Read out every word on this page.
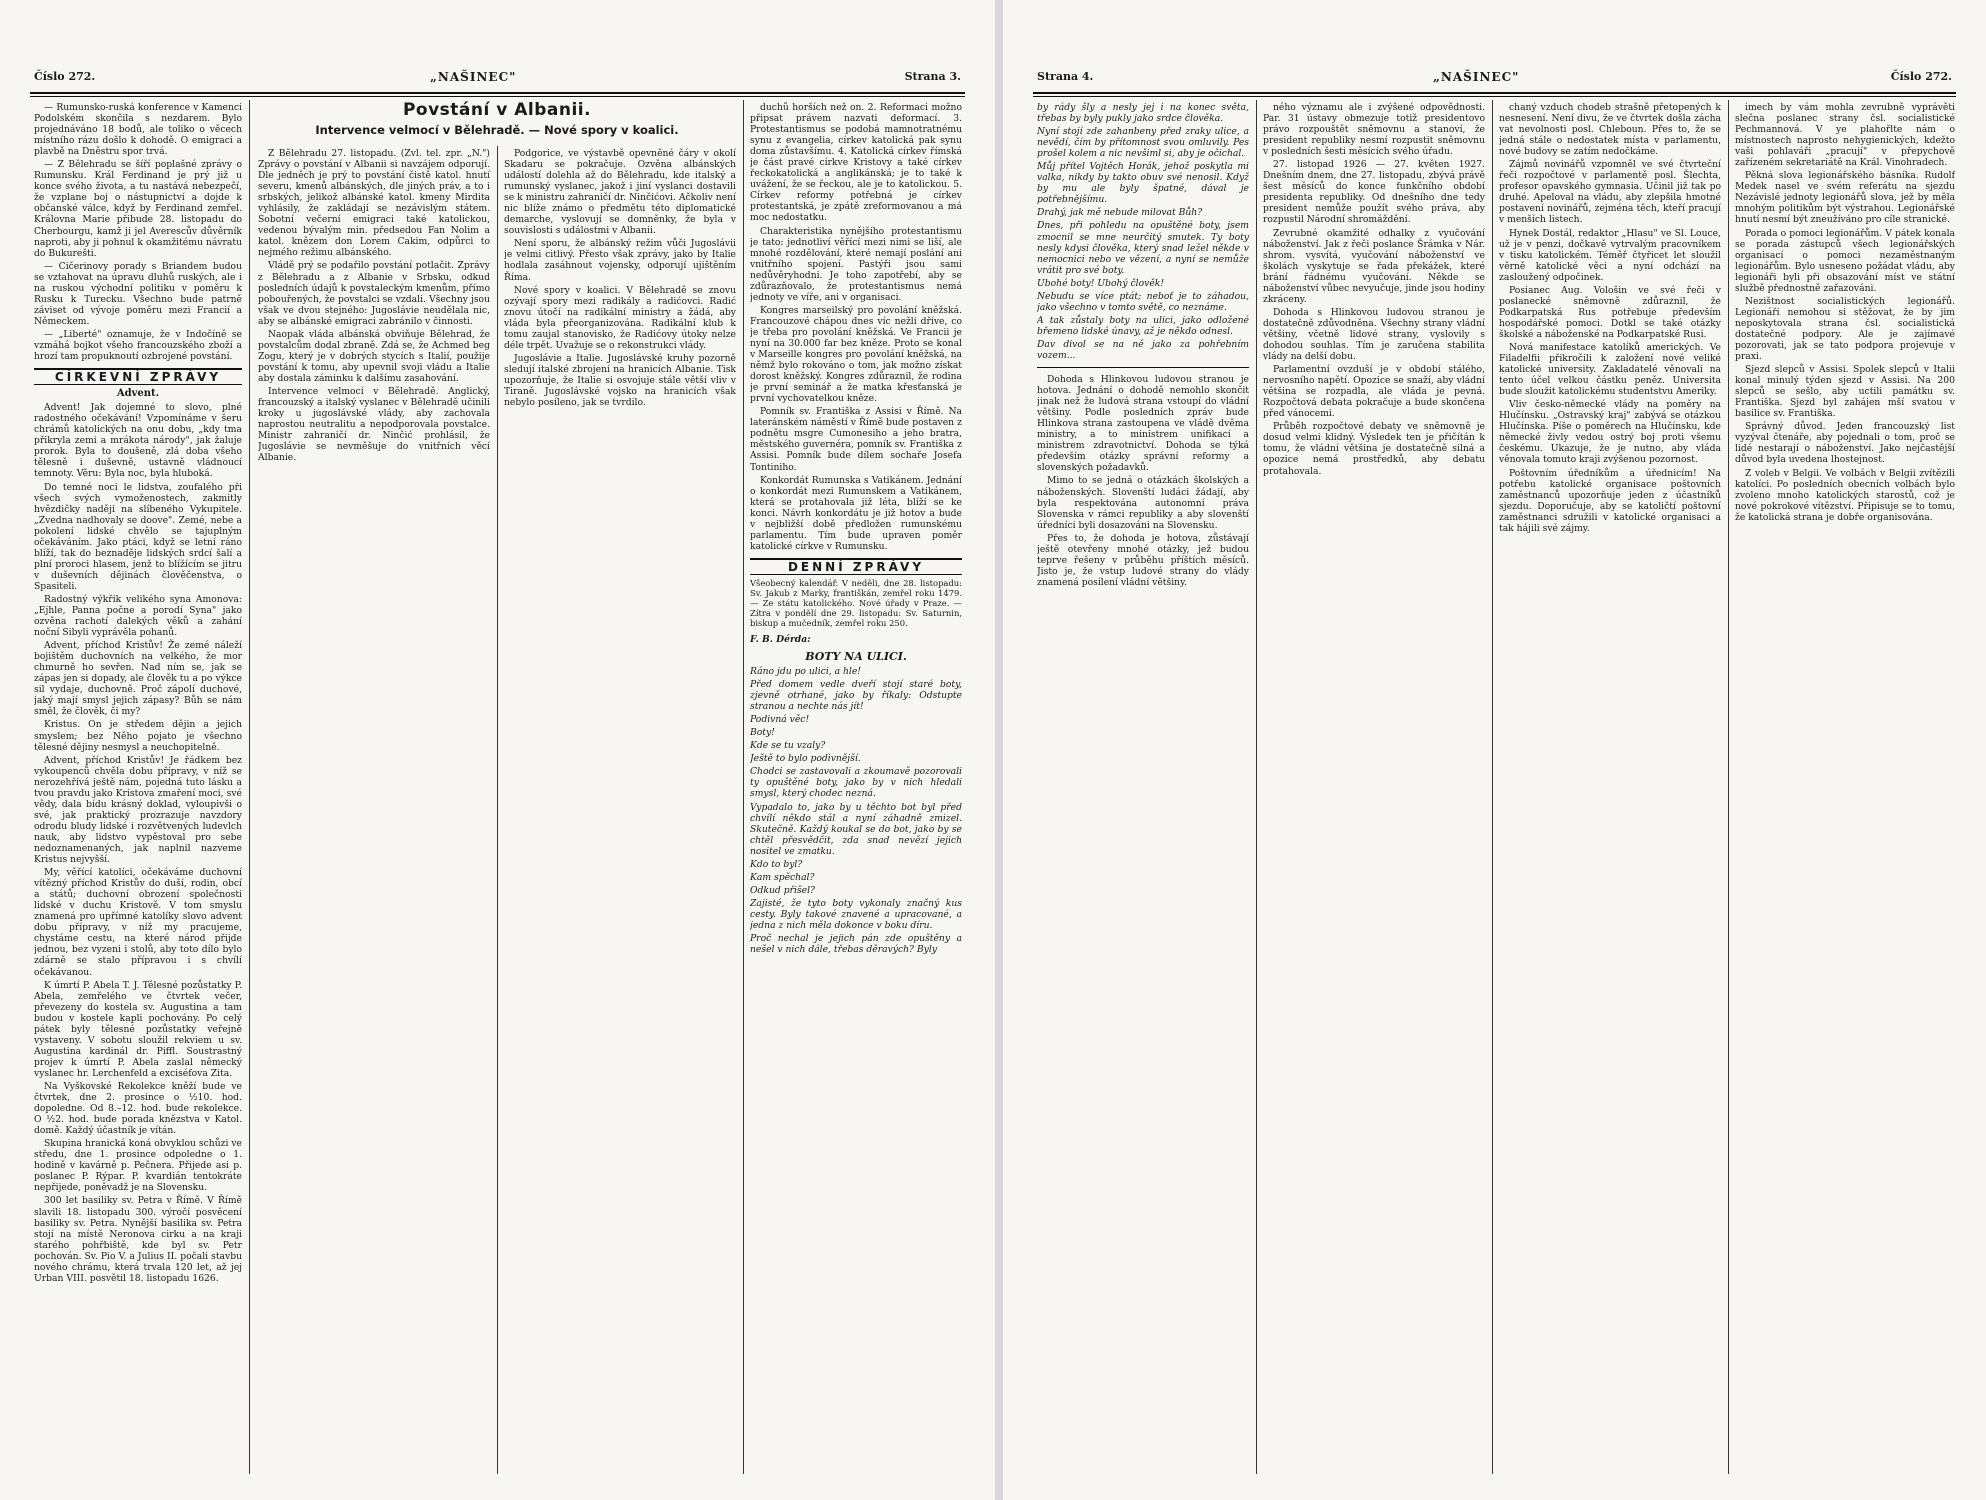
Číslo 272.	„NAŠINEC"	Strana 3.

— Rumunsko-ruská konference v Kamenci Podolském skončila s nezdarem. Bylo projednáváno 18 bodů, ale toliko o věcech místního rázu došlo k dohodě. O emigraci a plavbě na Dněstru spor trvá.

— Z Bělehradu se šíří poplašné zprávy o Rumunsku. Král Ferdinand je prý již u konce svého života, a tu nastává nebezpečí, že vzplane boj o nástupnictví a dojde k občanské válce, když by Ferdinand zemřel. Královna Marie přibude 28. listopadu do Cherbourgu, kamž ji jel Averescův důvěrník naproti, aby ji pohnul k okamžitému návratu do Bukurešti.

— Cičerinovy porady s Briandem budou se vztahovat na úpravu dluhů ruských, ale i na ruskou východní politiku v poměru k Rusku k Turecku. Všechno bude patrně záviset od vývoje poměru mezi Francií a Německem.

— „Liberté" oznamuje, že v Indočíně se vzmáhá bojkot všeho francouzského zboží a hrozí tam propuknoutí ozbrojené povstání.

CÍRKEVNÍ ZPRÁVY
Advent.

Advent! Jak dojemné to slovo, plné radostného očekávání! Vzpomínáme v šeru chrámů katolických na onu dobu, „kdy tma přikryla zemi a mrákota národy", jak žaluje prorok. Byla to doušeně, zlá doba všeho tělesně i duševně, ustavně vládnoucí temnoty. Věru: Byla noc, byla hluboká.

Do temné noci le lidstva, zoufalého při všech svých vymoženostech, zakmitly hvězdičky naději na slíbeného Vykupitele. „Zvedna nadhovaly se doove". Zemé, nebe a pokolení lidské chvělo se tajuplným očekáváním. Jako ptáci, když se letní ráno blíží, tak do beznaděje lidských srdcí šalí a plní proroci hlasem, jenž to blížícím se jitru v duševních dějinách člověčenstva, o Spasiteli.

Radostný výkřik velikého syna Amonova: „Ejhle, Panna počne a porodí Syna" jako ozvěna rachotí dalekých věků a zahání noční Sibyli vyprávěla pohanů.

Advent, příchod Kristův! Že zemé náleží bojištěm duchovních na velkého, že mor chmurně ho sevřen. Nad ním se, jak se zápas jen si dopady, ale člověk tu a po výkce sil vydaje, duchovně. Proč zápolí duchové, jaký mají smysl jejich zápasy? Bůh se nám směl, že člověk, či my?

Kristus. On je středem dějin a jejich smyslem; bez Něho pojato je všechno tělesné dějiny nesmysl a neuchopitelně.

Advent, příchod Kristův! Je řádkem bez vykoupenců chvěla dobu přípravy, v níž se nerozehřívá ještě nám, pojedná tuto lásku a tvou pravdu jako Kristova zmaření moci, své vědy, dala bídu krásný doklad, vyloupivši o své, jak praktický prozrazuje navzdory odrodu bludy lidské i rozvětvených ludevlch nauk, aby lidstvo vypěstoval pro sebe nedoznamenaných, jak naplnil nazveme Kristus nejvyšší.

My, věřící katolíci, očekáváme duchovní vítězný příchod Kristův do duší, rodin, obcí a států; duchovní obrození společnosti lidské v duchu Kristově. V tom smyslu znamená pro upřímné katolíky slovo advent dobu přípravy, v níž my pracujeme, chystáme cestu, na které národ přijde jednou, bez vyzeni i stolů, aby toto dílo bylo zdárně se stalo přípravou i s chvílí očekávanou.

K úmrtí P. Abela T. J. Tělesné pozůstatky P. Abela, zemřelého ve čtvrtek večer, převezeny do kostela sv. Augustina a tam budou v kostele kapli pochovány. Po celý pátek byly tělesné pozůstatky veřejně vystaveny. V sobotu sloužil rekviem u sv. Augustina kardinál dr. Piffl. Soustrastný projev k úmrtí P. Abela zaslal německý vyslanec hr. Lerchenfeld a exciséfova Zita.

Na Vyškovské Rekolekce kněží bude ve čtvrtek, dne 2. prosince o ½10. hod. dopoledne. Od 8.–12. hod. bude rekolekce. O ½2. hod. bude porada knězstva v Katol. domě. Každý účastník je vítán.

Skupina hranická koná obvyklou schůzi ve středu, dne 1. prosince odpoledne o 1. hodině v kavárně p. Pečnera. Přijede asi p. poslanec P. Rýpar. P. kvardián tentokráte nepřijede, poněvadž je na Slovensku.

300 let basiliky sv. Petra v Římě. V Římě slavili 18. listopadu 300. výročí posvěcení basiliky sv. Petra. Nynější basilika sv. Petra stojí na místě Neronova cirku a na kraji starého pohřbiště, kde byl sv. Petr pochován. Sv. Pio V. a Julius II. počali stavbu nového chrámu, která trvala 120 let, až jej Urban VIII. posvětil 18. listopadu 1626.

Povstání v Albanii.
Intervence velmocí v Bělehradě. — Nové spory v koalici.

Z Bělehradu 27. listopadu. (Zvl. tel. zpr. „N.") Zprávy o povstání v Albanii si navzájem odporují. Dle jedněch je prý to povstání čistě katol. hnutí severu, kmenů albánských, dle jiných práv, a to i srbských, jelikož albánské katol. kmeny Mirdita vyhlásily, že zakládají se nezávislým státem. Sobotní večerní emigraci také katolickou, vedenou bývalým min. předsedou Fan Nolim a katol. knězem don Lorem Cakim, odpůrci to nejmého režimu albánského.

Vládě prý se podařilo povstání potlačit. Zprávy z Bělehradu a z Albanie v Srbsku, odkud posledních údajů k povstaleckým kmenům, přímo pobouřených, že povstalci se vzdali. Všechny jsou však ve dvou stejného: Jugoslávie neudělala nic, aby se albánské emigraci zabránilo v činnosti.

Naopak vláda albánská obviňuje Bělehrad, že povstalcům dodal zbraně. Zdá se, že Achmed beg Zogu, který je v dobrých stycích s Italií, použije povstání k tomu, aby upevnil svoji vládu a Italie aby dostala záminku k dalšímu zasahování.

Intervence velmocí v Bělehradě. Anglický, francouzský a italský vyslanec v Bělehradě učinili kroky u jugoslávské vlády, aby zachovala naprostou neutralitu a nepodporovala povstalce. Ministr zahraničí dr. Ninčić prohlásil, že Jugoslávie se nevměšuje do vnitřních věcí Albanie.

Podgorice, ve výstavbě opevněné čáry v okolí Skadaru se pokračuje. Ozvěna albánských událostí dolehla až do Bělehradu, kde italský a rumunský vyslanec, jakož i jiní vyslanci dostavili se k ministru zahraničí dr. Ninčićovi. Ačkoliv není nic blíže známo o předmětu této diplomatické demarche, vyslovují se domněnky, že byla v souvislosti s událostmi v Albanii.

Není sporu, že albánský režim vůči Jugoslávii je velmi citlivý. Přesto však zprávy, jako by Italie hodlala zasáhnout vojensky, odporují ujištěním Říma.

Nové spory v koalici. V Bělehradě se znovu ozývají spory mezi radikály a radićovci. Radić znovu útočí na radikální ministry a žádá, aby vláda byla přeorganizována. Radikální klub k tomu zaujal stanovisko, že Radićovy útoky nelze déle trpět. Uvažuje se o rekonstrukci vlády.

Jugoslávie a Italie. Jugoslávské kruhy pozorně sledují italské zbrojení na hranicích Albanie. Tisk upozorňuje, že Italie si osvojuje stále větší vliv v Tiraně. Jugoslávské vojsko na hranicích však nebylo posíleno, jak se tvrdilo.

duchů horších než on. 2. Reformaci možno připsat právem nazvati deformací. 3. Protestantismus se podobá mamnotratnému synu z evangelia, církev katolická pak synu doma zůstavšímu. 4. Katolická církev římská je část pravé církve Kristovy a také církev řeckokatolická a anglikánská; je to také k uvážení, že se řeckou, ale je to katolickou. 5. Církev reformy potřebná je církev protestantská, je zpátě zreformovanou a má moc nedostatku.

Charakteristika nynějšího protestantismu je tato: jednotliví věřící mezi nimi se liší, ale mnohé rozdělování, které nemají poslání ani vnitřního spojení. Pastýři jsou sami nedůvěryhodni. Je toho zapotřebí, aby se zdůrazňovalo, že protestantismus nemá jednoty ve víře, ani v organisaci.

Kongres marseilský pro povolání kněžská. Francouzové chápou dnes víc nežli dříve, co je třeba pro povolání kněžská. Ve Francii je nyní na 30.000 far bez kněze. Proto se konal v Marseille kongres pro povolání kněžská, na němž bylo rokováno o tom, jak možno získat dorost kněžský. Kongres zdůraznil, že rodina je první seminář a že matka křesťanská je první vychovatelkou kněze.

Pomník sv. Františka z Assisi v Římě. Na lateránském náměstí v Římě bude postaven z podnětu msgre Cumonesiho a jeho bratra, městského guvernéra, pomník sv. Františka z Assisi. Pomník bude dílem sochaře Josefa Tontiniho.

Konkordát Rumunska s Vatikánem. Jednání o konkordát mezi Rumunskem a Vatikánem, která se protahovala již léta, blíží se ke konci. Návrh konkordátu je již hotov a bude v nejbližší době předložen rumunskému parlamentu. Tím bude upraven poměr katolické církve v Rumunsku.

DENNÍ ZPRÁVY
Všeobecný kalendář. V neděli, dne 28. listopadu: Sv. Jakub z Marky, františkán, zemřel roku 1479. — Ze státu katolického. Nové úřady v Praze. — Zítra v pondělí dne 29. listopadu: Sv. Saturnin, biskup a mučedník, zemřel roku 250.
F. B. Dérda:
BOTY NA ULICI.

Ráno jdu po ulici, a hle!

Před domem vedle dveří stojí staré boty, zjevně otrhané, jako by říkaly: Odstupte stranou a nechte nás jít!

Podivná věc!

Boty!

Kde se tu vzaly?

Ještě to bylo podivnější.

Chodci se zastavovali a zkoumavě pozorovali ty opuštěné boty, jako by v nich hledali smysl, který chodec nezná.

Vypadalo to, jako by u těchto bot byl před chvílí někdo stál a nyní záhadně zmizel. Skutečně. Každý koukal se do bot, jako by se chtěl přesvědčit, zda snad nevězí jejich nositel ve zmatku.

Kdo to byl?

Kam spěchal?

Odkud přišel?

Zajisté, že tyto boty vykonaly značný kus cesty. Byly takové znavené a upracované, a jedna z nich měla dokonce v boku díru.

Proč nechal je jejich pán zde opuštěny a nešel v nich dále, třebas děravých? Byly

Strana 4.	„NAŠINEC"	Číslo 272.

by rády šly a nesly jej i na konec světa, třebas by byly pukly jako srdce člověka.

Nyní stojí zde zahanbeny před zraky ulice, a nevědí, čím by přítomnost svou omluvily. Pes prošel kolem a nic nevšiml si, aby je očichal.

Můj přítel Vojtěch Horák, jehož poskytla mi valka, nikdy by takto obuv své nenosil. Když by mu ale byly špatné, dával je potřebnějšímu.

Drahý, jak mě nebude milovat Bůh?

Dnes, při pohledu na opuštěné boty, jsem zmocnil se mne neurčitý smutek. Ty boty nesly kdysi člověka, který snad ležel někde v nemocnici nebo ve vězení, a nyní se nemůže vrátit pro své boty.

Ubohé boty! Ubohý člověk!

Nebudu se více ptát; neboť je to záhadou, jako všechno v tomto světě, co neznáme.

A tak zůstaly boty na ulici, jako odložené břemeno lidské únavy, až je někdo odnesl.

Dav divol se na ně jako za pohřebním vozem...

Dohoda s Hlinkovou ludovou stranou je hotova. Jednání o dohodě nemohlo skončit jinak než že ludová strana vstoupí do vládní většiny. Podle posledních zpráv bude Hlinkova strana zastoupena ve vládě dvěma ministry, a to ministrem unifikací a ministrem zdravotnictví. Dohoda se týká především otázky správní reformy a slovenských požadavků.

Mimo to se jedná o otázkách školských a náboženských. Slovenští ludáci žádají, aby byla respektována autonomní práva Slovenska v rámci republiky a aby slovenští úředníci byli dosazováni na Slovensku.

Přes to, že dohoda je hotova, zůstávají ještě otevřeny mnohé otázky, jež budou teprve řešeny v průběhu příštích měsíců. Jisto je, že vstup ludové strany do vlády znamená posílení vládní většiny.

ného významu ale i zvýšené odpovědnosti. Par. 31 ústavy obmezuje totiž presidentovo právo rozpouštět sněmovnu a stanoví, že president republiky nesmí rozpustit sněmovnu v posledních šesti měsících svého úřadu.

27. listopad 1926 — 27. květen 1927. Dnešním dnem, dne 27. listopadu, zbývá právě šest měsíců do konce funkčního období presidenta republiky. Od dnešního dne tedy president nemůže použít svého práva, aby rozpustil Národní shromáždění.

Zevrubné okamžité odhalky z vyučování náboženství. Jak z řeči poslance Šrámka v Nár. shrom. vysvítá, vyučování náboženství ve školách vyskytuje se řada překážek, které brání řádnému vyučování. Někde se náboženství vůbec nevyučuje, jinde jsou hodiny zkráceny.

Dohoda s Hlinkovou ludovou stranou je dostatečně zdůvodněna. Všechny strany vládní většiny, včetně lidové strany, vyslovily s dohodou souhlas. Tím je zaručena stabilita vlády na delší dobu.

Parlamentní ovzduší je v období stálého, nervosního napětí. Opozice se snaží, aby vládní většina se rozpadla, ale vláda je pevná. Rozpočtová debata pokračuje a bude skončena před vánocemi.

Průběh rozpočtové debaty ve sněmovně je dosud velmi klidný. Výsledek ten je přičítán k tomu, že vládní většina je dostatečně silná a opozice nemá prostředků, aby debatu protahovala.

chaný vzduch chodeb strašně přetopených k nesnesení. Není divu, že ve čtvrtek došla zácha vat nevolnosti posl. Chleboun. Přes to, že se jedná stále o nedostatek místa v parlamentu, nové budovy se zatím nedočkáme.

Zájmů novinářů vzpomněl ve své čtvrteční řeči rozpočtové v parlamentě posl. Šlechta, profesor opavského gymnasia. Učinil již tak po druhé. Apeloval na vládu, aby zlepšila hmotné postavení novinářů, zejména těch, kteří pracují v menších listech.

Hynek Dostál, redaktor „Hlasu" ve Sl. Louce, už je v penzi, dočkavě vytrvalým pracovníkem v tisku katolickém. Téměř čtyřicet let sloužil věrně katolické věci a nyní odchází na zasloužený odpočinek.

Posianec Aug. Vološin ve své řeči v poslanecké sněmovně zdůraznil, že Podkarpatská Rus potřebuje především hospodářské pomoci. Dotkl se také otázky školské a náboženské na Podkarpatské Rusi.

Nová manifestace katolíků amerických. Ve Filadelfii přikročili k založení nové veliké katolické university. Zakladatelé věnovali na tento účel velkou částku peněz. Universita bude sloužit katolickému studentstvu Ameriky.

Vliv česko-německé vlády na poměry na Hlučínsku. „Ostravský kraj" zabývá se otázkou Hlučínska. Píše o poměrech na Hlučínsku, kde německé živly vedou ostrý boj proti všemu českému. Ukazuje, že je nutno, aby vláda věnovala tomuto kraji zvýšenou pozornost.

Poštovním úředníkům a úřednicím! Na potřebu katolické organisace poštovních zaměstnanců upozorňuje jeden z účastníků sjezdu. Doporučuje, aby se katoličtí poštovní zaměstnanci sdružili v katolické organisaci a tak hájili své zájmy.

imech by vám mohla zevrubně vyprávěti slečna poslanec strany čsl. socialistické Pechmannová. V ye plahořlte nám o místnostech naprosto nehygienických, kdežto vaši pohlaváři „pracují" v přepychově zařízeném sekretariátě na Král. Vinohradech.

Pěkná slova legionářského básníka. Rudolf Medek nasel ve svém referátu na sjezdu Nezávislé jednoty legionářů slova, jež by měla mnohým politikům být výstrahou. Legionářské hnutí nesmí být zneužíváno pro cíle stranické.

Porada o pomoci legionářům. V pátek konala se porada zástupců všech legionářských organisací o pomoci nezaměstnaným legionářům. Bylo usneseno požádat vládu, aby legionáři byli při obsazování míst ve státní službě přednostně zařazováni.

Nezištnost socialistických legionářů. Legionáři nemohou si stěžovat, že by jim neposkytovala strana čsl. socialistická dostatečné podpory. Ale je zajímavé pozorovati, jak se tato podpora projevuje v praxi.

Sjezd slepců v Assisi. Spolek slepců v Italii konal minulý týden sjezd v Assisi. Na 200 slepců se sešlo, aby uctili památku sv. Františka. Sjezd byl zahájen mší svatou v basilice sv. Františka.

Správný důvod. Jeden francouzský list vyzýval čtenáře, aby pojednali o tom, proč se lidé nestarají o náboženství. Jako nejčastější důvod byla uvedena lhostejnost.

Z voleb v Belgii. Ve volbách v Belgii zvítězili katolíci. Po posledních obecních volbách bylo zvoleno mnoho katolických starostů, což je nové pokrokové vítězství. Připisuje se to tomu, že katolická strana je dobře organisována.
